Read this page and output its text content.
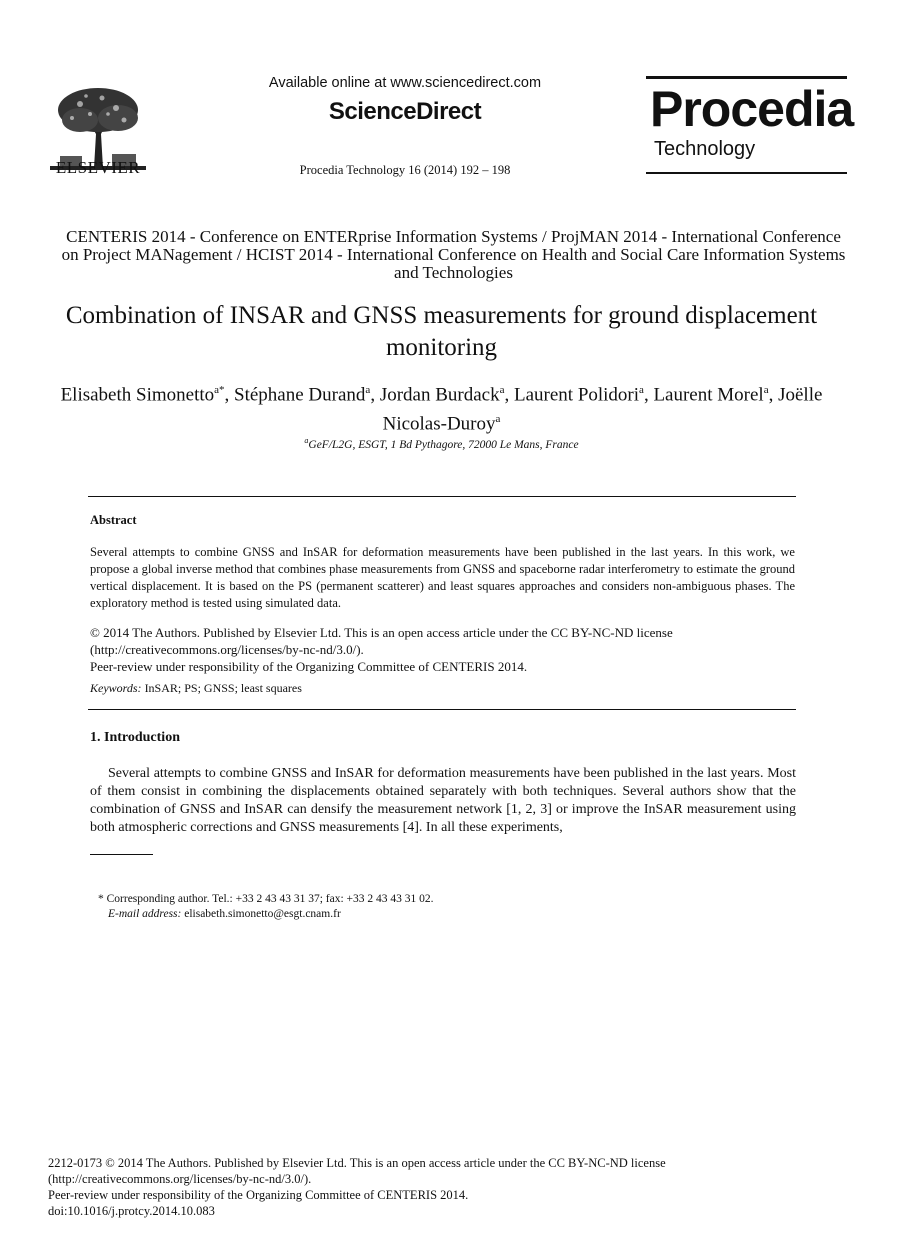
ELSEVIER
Available online at www.sciencedirect.com
ScienceDirect
Procedia Technology 16 (2014) 192 – 198
Procedia
Technology
CENTERIS 2014 - Conference on ENTERprise Information Systems / ProjMAN 2014 - International Conference on Project MANagement / HCIST 2014 - International Conference on Health and Social Care Information Systems and Technologies
Combination of INSAR and GNSS measurements for ground displacement monitoring
Elisabeth Simonetto$^{a*}$, Stéphane Durand$^a$, Jordan Burdack$^a$, Laurent Polidori$^a$, Laurent Morel$^a$, Joëlle Nicolas-Duroy$^a$
$^a$GeF/L2G, ESGT, 1 Bd Pythagore, 72000 Le Mans, France
Abstract
Several attempts to combine GNSS and InSAR for deformation measurements have been published in the last years. In this work, we propose a global inverse method that combines phase measurements from GNSS and spaceborne radar interferometry to estimate the ground vertical displacement. It is based on the PS (permanent scatterer) and least squares approaches and considers non-ambiguous phases. The exploratory method is tested using simulated data.
© 2014 The Authors. Published by Elsevier Ltd. This is an open access article under the CC BY-NC-ND license
(http://creativecommons.org/licenses/by-nc-nd/3.0/).
Peer-review under responsibility of the Organizing Committee of CENTERIS 2014.
Keywords: InSAR; PS; GNSS; least squares
1. Introduction
Several attempts to combine GNSS and InSAR for deformation measurements have been published in the last years. Most of them consist in combining the displacements obtained separately with both techniques. Several authors show that the combination of GNSS and InSAR can densify the measurement network [1, 2, 3] or improve the InSAR measurement using both atmospheric corrections and GNSS measurements [4]. In all these experiments,
* Corresponding author. Tel.: +33 2 43 43 31 37; fax: +33 2 43 43 31 02.
E-mail address: elisabeth.simonetto@esgt.cnam.fr
2212-0173 © 2014 The Authors. Published by Elsevier Ltd. This is an open access article under the CC BY-NC-ND license
(http://creativecommons.org/licenses/by-nc-nd/3.0/).
Peer-review under responsibility of the Organizing Committee of CENTERIS 2014.
doi:10.1016/j.protcy.2014.10.083
